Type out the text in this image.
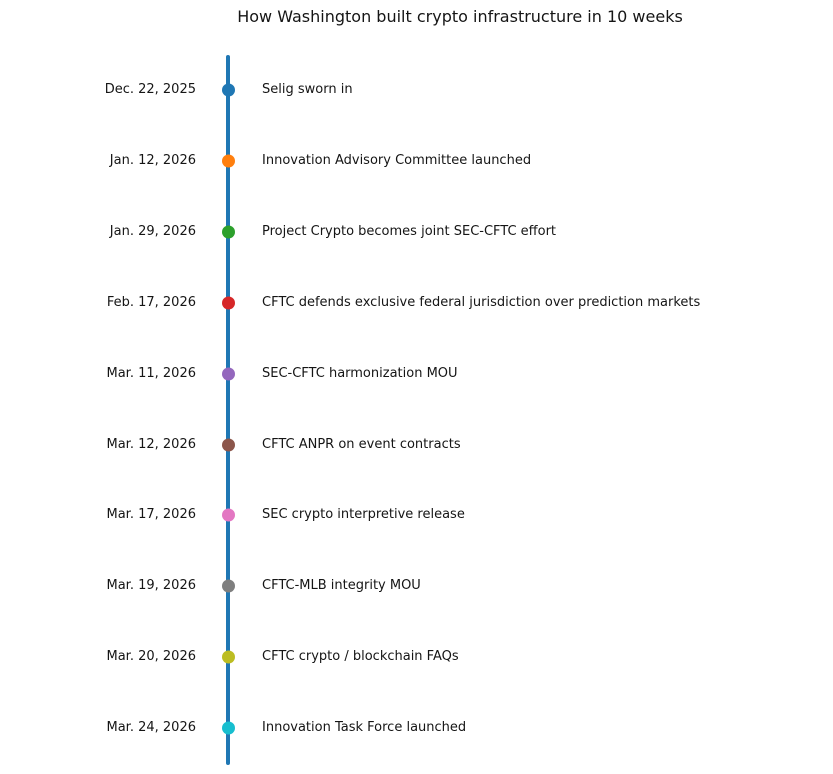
How Washington built crypto infrastructure in 10 weeks
Dec. 22, 2025	Selig sworn in
Jan. 12, 2026	Innovation Advisory Committee launched
Jan. 29, 2026	Project Crypto becomes joint SEC-CFTC effort
Feb. 17, 2026	CFTC defends exclusive federal jurisdiction over prediction markets
Mar. 11, 2026	SEC-CFTC harmonization MOU
Mar. 12, 2026	CFTC ANPR on event contracts
Mar. 17, 2026	SEC crypto interpretive release
Mar. 19, 2026	CFTC-MLB integrity MOU
Mar. 20, 2026	CFTC crypto / blockchain FAQs
Mar. 24, 2026	Innovation Task Force launched
